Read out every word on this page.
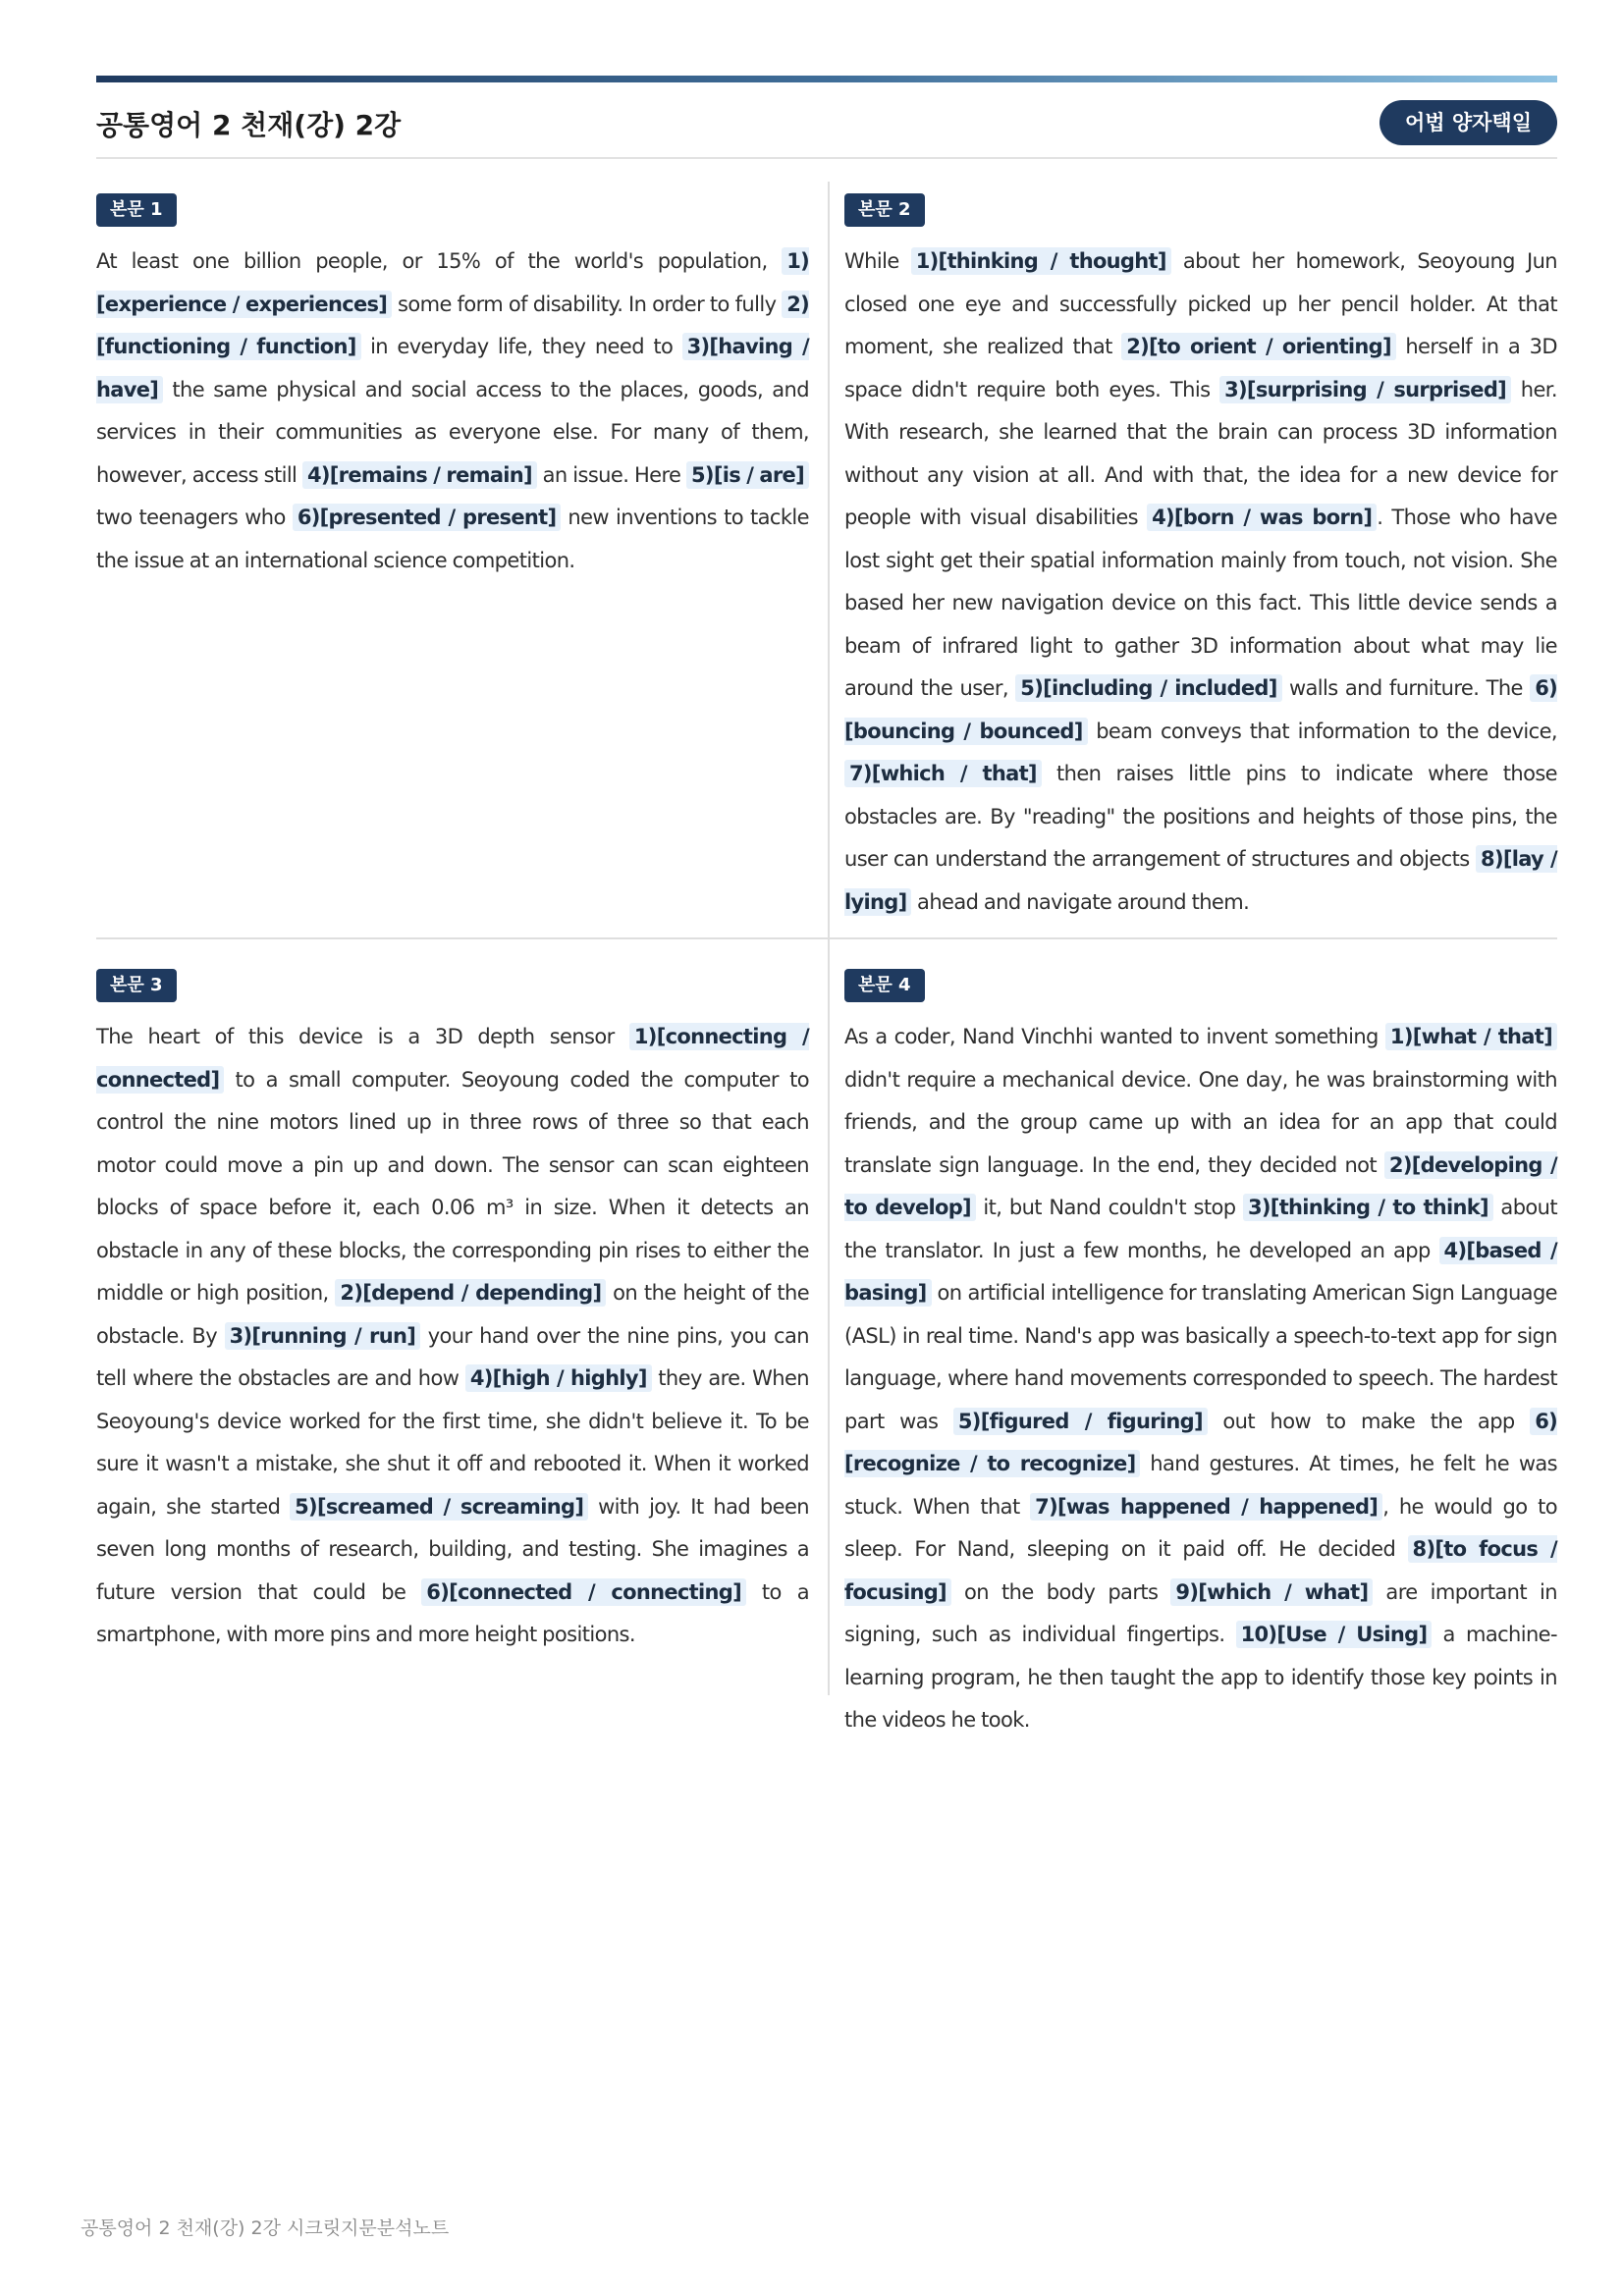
공통영어 2 천재(강) 2강	어법 양자택일
본문 1
At least one billion people, or 15% of the world's population, 1)[experience / experiences] some form of disability. In order to fully 2)[functioning / function] in everyday life, they need to 3)[having / have] the same physical and social access to the places, goods, and services in their communities as everyone else. For many of them, however, access still 4)[remains / remain] an issue. Here 5)[is / are] two teenagers who 6)[presented / present] new inventions to tackle the issue at an international science competition.
본문 2
While 1)[thinking / thought] about her homework, Seoyoung Jun closed one eye and successfully picked up her pencil holder. At that moment, she realized that 2)[to orient / orienting] herself in a 3D space didn't require both eyes. This 3)[surprising / surprised] her. With research, she learned that the brain can process 3D information without any vision at all. And with that, the idea for a new device for people with visual disabilities 4)[born / was born] . Those who have lost sight get their spatial information mainly from touch, not vision. She based her new navigation device on this fact. This little device sends a beam of infrared light to gather 3D information about what may lie around the user, 5)[including / included] walls and furniture. The 6)[bouncing / bounced] beam conveys that information to the device, 7)[which / that] then raises little pins to indicate where those obstacles are. By "reading" the positions and heights of those pins, the user can understand the arrangement of structures and objects 8)[lay / lying] ahead and navigate around them.
본문 3
The heart of this device is a 3D depth sensor 1)[connecting / connected] to a small computer. Seoyoung coded the computer to control the nine motors lined up in three rows of three so that each motor could move a pin up and down. The sensor can scan eighteen blocks of space before it, each 0.06 m³ in size. When it detects an obstacle in any of these blocks, the corresponding pin rises to either the middle or high position, 2)[depend / depending] on the height of the obstacle. By 3)[running / run] your hand over the nine pins, you can tell where the obstacles are and how 4)[high / highly] they are. When Seoyoung's device worked for the first time, she didn't believe it. To be sure it wasn't a mistake, she shut it off and rebooted it. When it worked again, she started 5)[screamed / screaming] with joy. It had been seven long months of research, building, and testing. She imagines a future version that could be 6)[connected / connecting] to a smartphone, with more pins and more height positions.
본문 4
As a coder, Nand Vinchhi wanted to invent something 1)[what / that] didn't require a mechanical device. One day, he was brainstorming with friends, and the group came up with an idea for an app that could translate sign language. In the end, they decided not 2)[developing / to develop] it, but Nand couldn't stop 3)[thinking / to think] about the translator. In just a few months, he developed an app 4)[based / basing] on artificial intelligence for translating American Sign Language (ASL) in real time. Nand's app was basically a speech-to-text app for sign language, where hand movements corresponded to speech. The hardest part was 5)[figured / figuring] out how to make the app 6)[recognize / to recognize] hand gestures. At times, he felt he was stuck. When that 7)[was happened / happened] , he would go to sleep. For Nand, sleeping on it paid off. He decided 8)[to focus / focusing] on the body parts 9)[which / what] are important in signing, such as individual fingertips. 10)[Use / Using] a machine-learning program, he then taught the app to identify those key points in the videos he took.
공통영어 2 천재(강) 2강 시크릿지문분석노트
